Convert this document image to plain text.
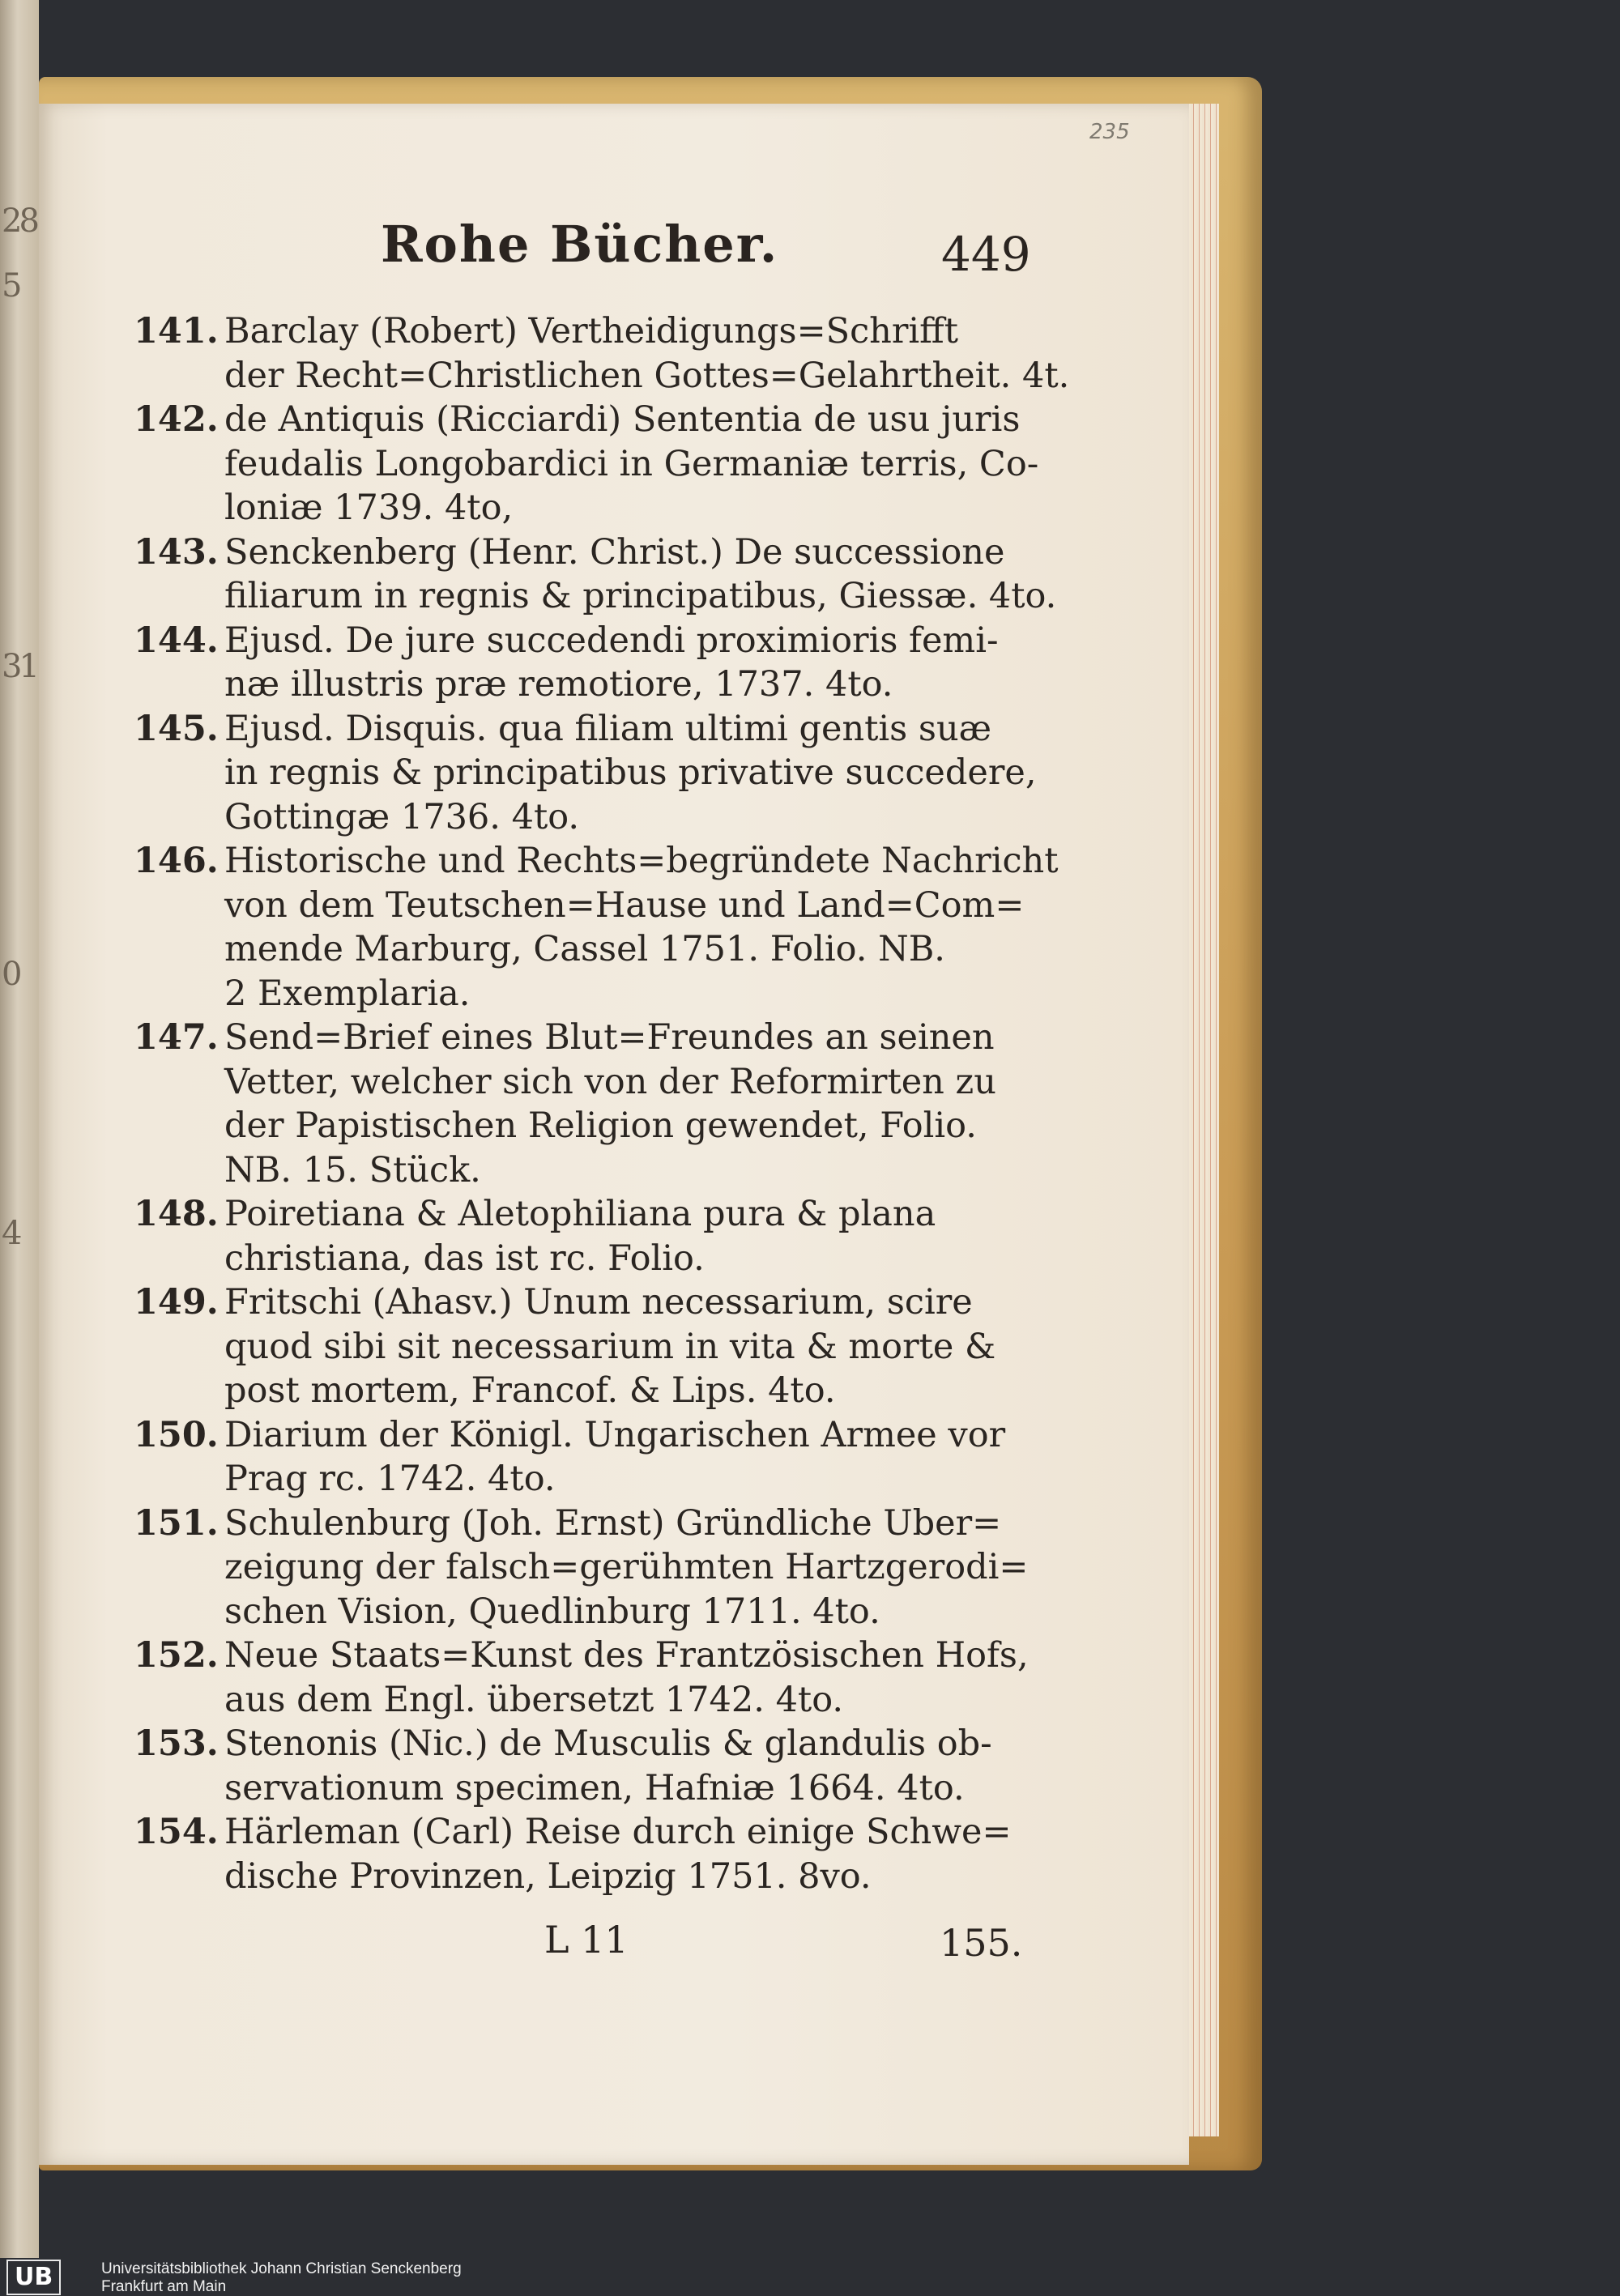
28
5
31
0
4
235
Rohe Bücher.	449
141. Barclay (Robert) Vertheidigungs=Schrifft
der Recht=Christlichen Gottes=Gelahrtheit. 4t.
142. de Antiquis (Ricciardi) Sententia de usu juris
feudalis Longobardici in Germaniæ terris, Co-
loniæ 1739. 4to,
143. Senckenberg (Henr. Christ.) De successione
filiarum in regnis & principatibus, Giessæ. 4to.
144. Ejusd. De jure succedendi proximioris femi-
næ illustris præ remotiore, 1737. 4to.
145. Ejusd. Disquis. qua filiam ultimi gentis suæ
in regnis & principatibus privative succedere,
Gottingæ 1736. 4to.
146. Historische und Rechts=begründete Nachricht
von dem Teutschen=Hause und Land=Com=
mende Marburg, Cassel 1751. Folio. NB.
2 Exemplaria.
147. Send=Brief eines Blut=Freundes an seinen
Vetter, welcher sich von der Reformirten zu
der Papistischen Religion gewendet, Folio.
NB. 15. Stück.
148. Poiretiana & Aletophiliana pura & plana
christiana, das ist rc. Folio.
149. Fritschi (Ahasv.) Unum necessarium, scire
quod sibi sit necessarium in vita & morte &
post mortem, Francof. & Lips. 4to.
150. Diarium der Königl. Ungarischen Armee vor
Prag rc. 1742. 4to.
151. Schulenburg (Joh. Ernst) Gründliche Uber=
zeigung der falsch=gerühmten Hartzgerodi=
schen Vision, Quedlinburg 1711. 4to.
152. Neue Staats=Kunst des Frantzösischen Hofs,
aus dem Engl. übersetzt 1742. 4to.
153. Stenonis (Nic.) de Musculis & glandulis ob-
servationum specimen, Hafniæ 1664. 4to.
154. Härleman (Carl) Reise durch einige Schwe=
dische Provinzen, Leipzig 1751. 8vo.
L 11	155.
UB	Universitätsbibliothek Johann Christian Senckenberg
Frankfurt am Main
